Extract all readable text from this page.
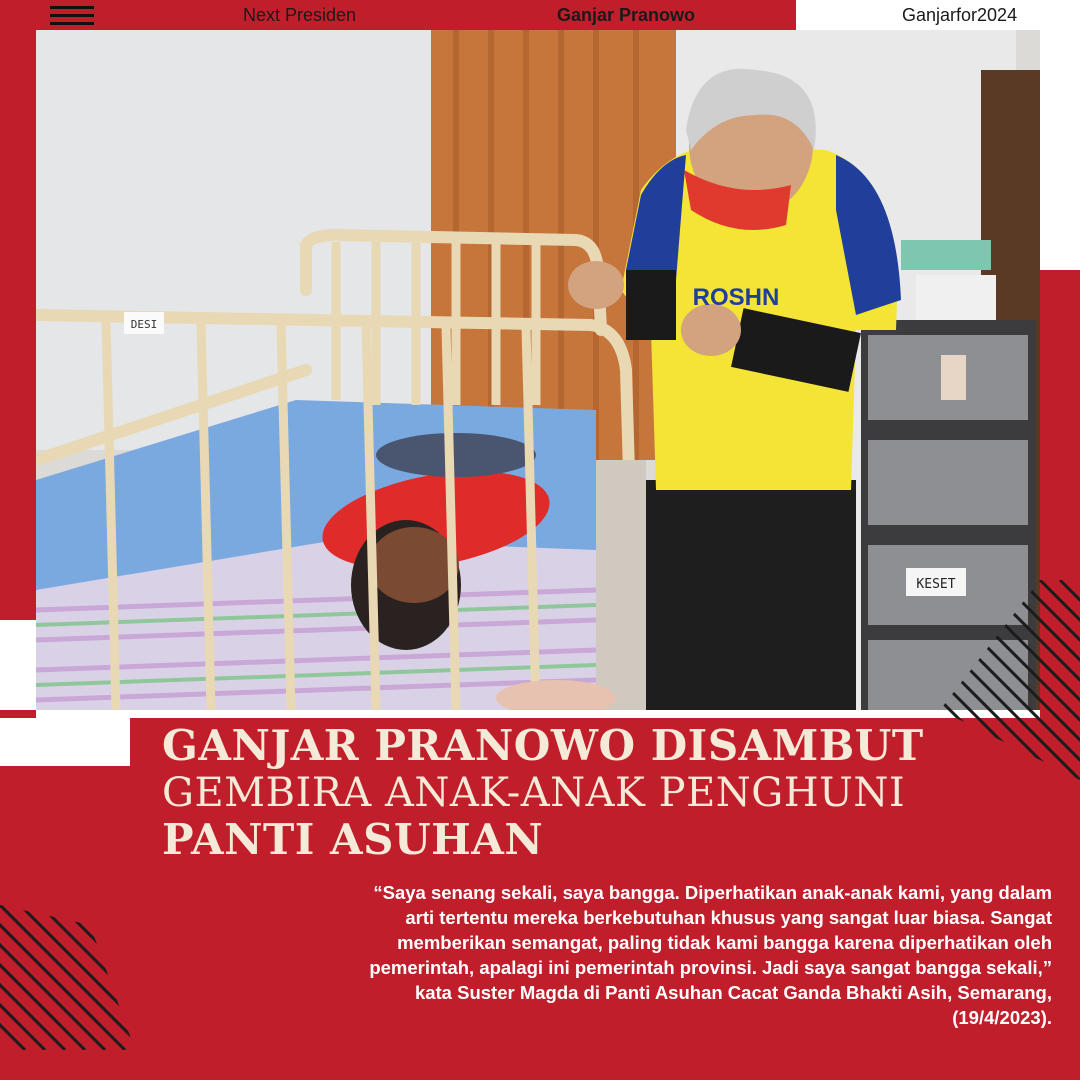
Next Presiden	Ganjar Pranowo	Ganjarfor2024
KESET
DESI
ROSHN
GANJAR PRANOWO DISAMBUT
GEMBIRA ANAK-ANAK PENGHUNI
PANTI ASUHAN
“Saya senang sekali, saya bangga. Diperhatikan anak-anak kami, yang dalam
arti tertentu mereka berkebutuhan khusus yang sangat luar biasa. Sangat
memberikan semangat, paling tidak kami bangga karena diperhatikan oleh
pemerintah, apalagi ini pemerintah provinsi. Jadi saya sangat bangga sekali,”
kata Suster Magda di Panti Asuhan Cacat Ganda Bhakti Asih, Semarang,
(19/4/2023).
